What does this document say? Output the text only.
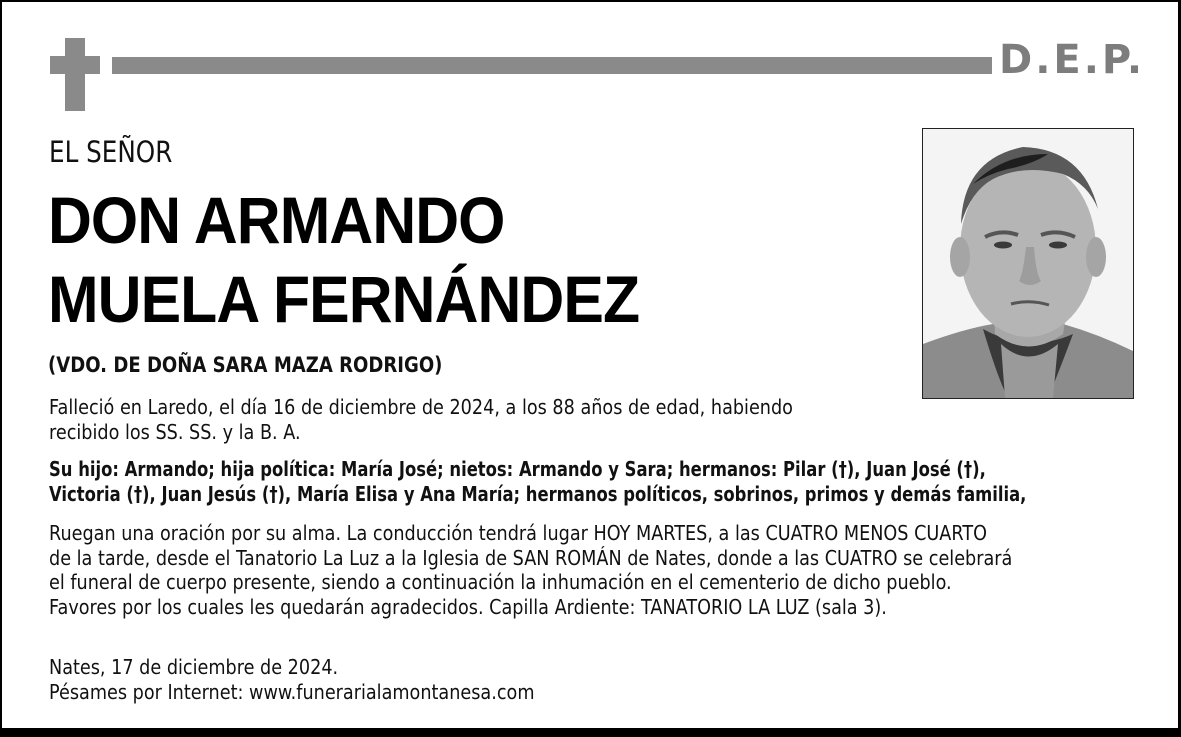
D.E.P.
EL SEÑOR
DON ARMANDO
MUELA FERNÁNDEZ
(VDO. DE DOÑA SARA MAZA RODRIGO)
Falleció en Laredo, el día 16 de diciembre de 2024, a los 88 años de edad, habiendo
recibido los SS. SS. y la B. A.
Su hijo: Armando; hija política: María José; nietos: Armando y Sara; hermanos: Pilar (†), Juan José (†),
Victoria (†), Juan Jesús (†), María Elisa y Ana María; hermanos políticos, sobrinos, primos y demás familia,
Ruegan una oración por su alma. La conducción tendrá lugar HOY MARTES, a las CUATRO MENOS CUARTO
de la tarde, desde el Tanatorio La Luz a la Iglesia de SAN ROMÁN de Nates, donde a las CUATRO se celebrará
el funeral de cuerpo presente, siendo a continuación la inhumación en el cementerio de dicho pueblo.
Favores por los cuales les quedarán agradecidos. Capilla Ardiente: TANATORIO LA LUZ (sala 3).
Nates, 17 de diciembre de 2024.
Pésames por Internet: www.funerarialamontanesa.com
